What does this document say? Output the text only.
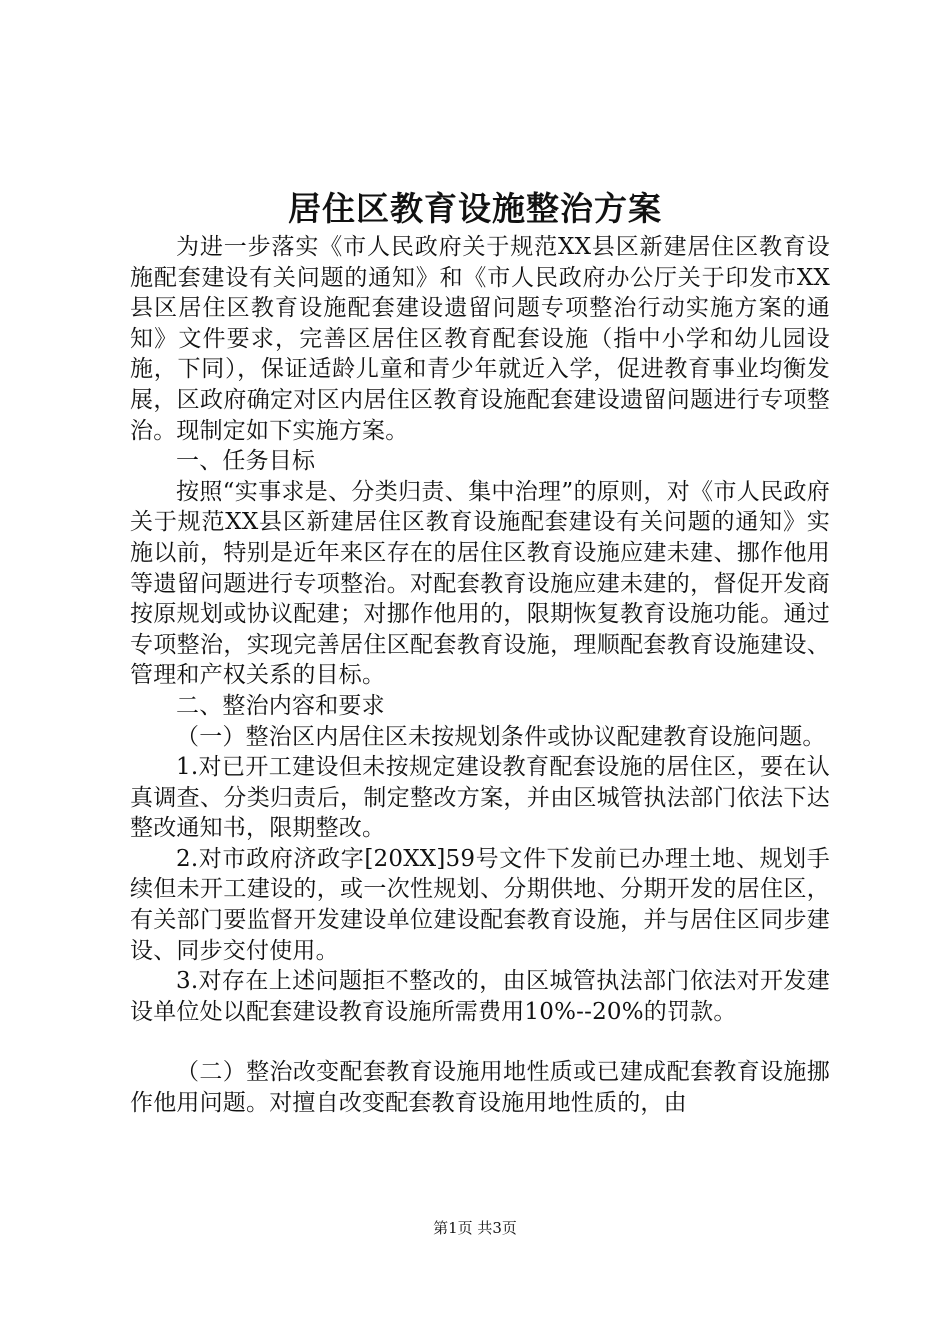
居住区教育设施整治方案

为进一步落实《市人民政府关于规范XX县区新建居住区教育设施配套建设有关问题的通知》和《市人民政府办公厅关于印发市XX县区居住区教育设施配套建设遗留问题专项整治行动实施方案的通知》文件要求，完善区居住区教育配套设施（指中小学和幼儿园设施，下同），保证适龄儿童和青少年就近入学，促进教育事业均衡发展，区政府确定对区内居住区教育设施配套建设遗留问题进行专项整治。现制定如下实施方案。

一、任务目标

按照“实事求是、分类归责、集中治理”的原则，对《市人民政府关于规范XX县区新建居住区教育设施配套建设有关问题的通知》实施以前，特别是近年来区存在的居住区教育设施应建未建、挪作他用等遗留问题进行专项整治。对配套教育设施应建未建的，督促开发商按原规划或协议配建；对挪作他用的，限期恢复教育设施功能。通过专项整治，实现完善居住区配套教育设施，理顺配套教育设施建设、管理和产权关系的目标。

二、整治内容和要求

（一）整治区内居住区未按规划条件或协议配建教育设施问题。

1.对已开工建设但未按规定建设教育配套设施的居住区，要在认真调查、分类归责后，制定整改方案，并由区城管执法部门依法下达整改通知书，限期整改。

2.对市政府济政字[20XX]59号文件下发前已办理土地、规划手续但未开工建设的，或一次性规划、分期供地、分期开发的居住区，有关部门要监督开发建设单位建设配套教育设施，并与居住区同步建设、同步交付使用。

3.对存在上述问题拒不整改的，由区城管执法部门依法对开发建设单位处以配套建设教育设施所需费用10%--20%的罚款。

（二）整治改变配套教育设施用地性质或已建成配套教育设施挪作他用问题。对擅自改变配套教育设施用地性质的，由

第1页 共3页
